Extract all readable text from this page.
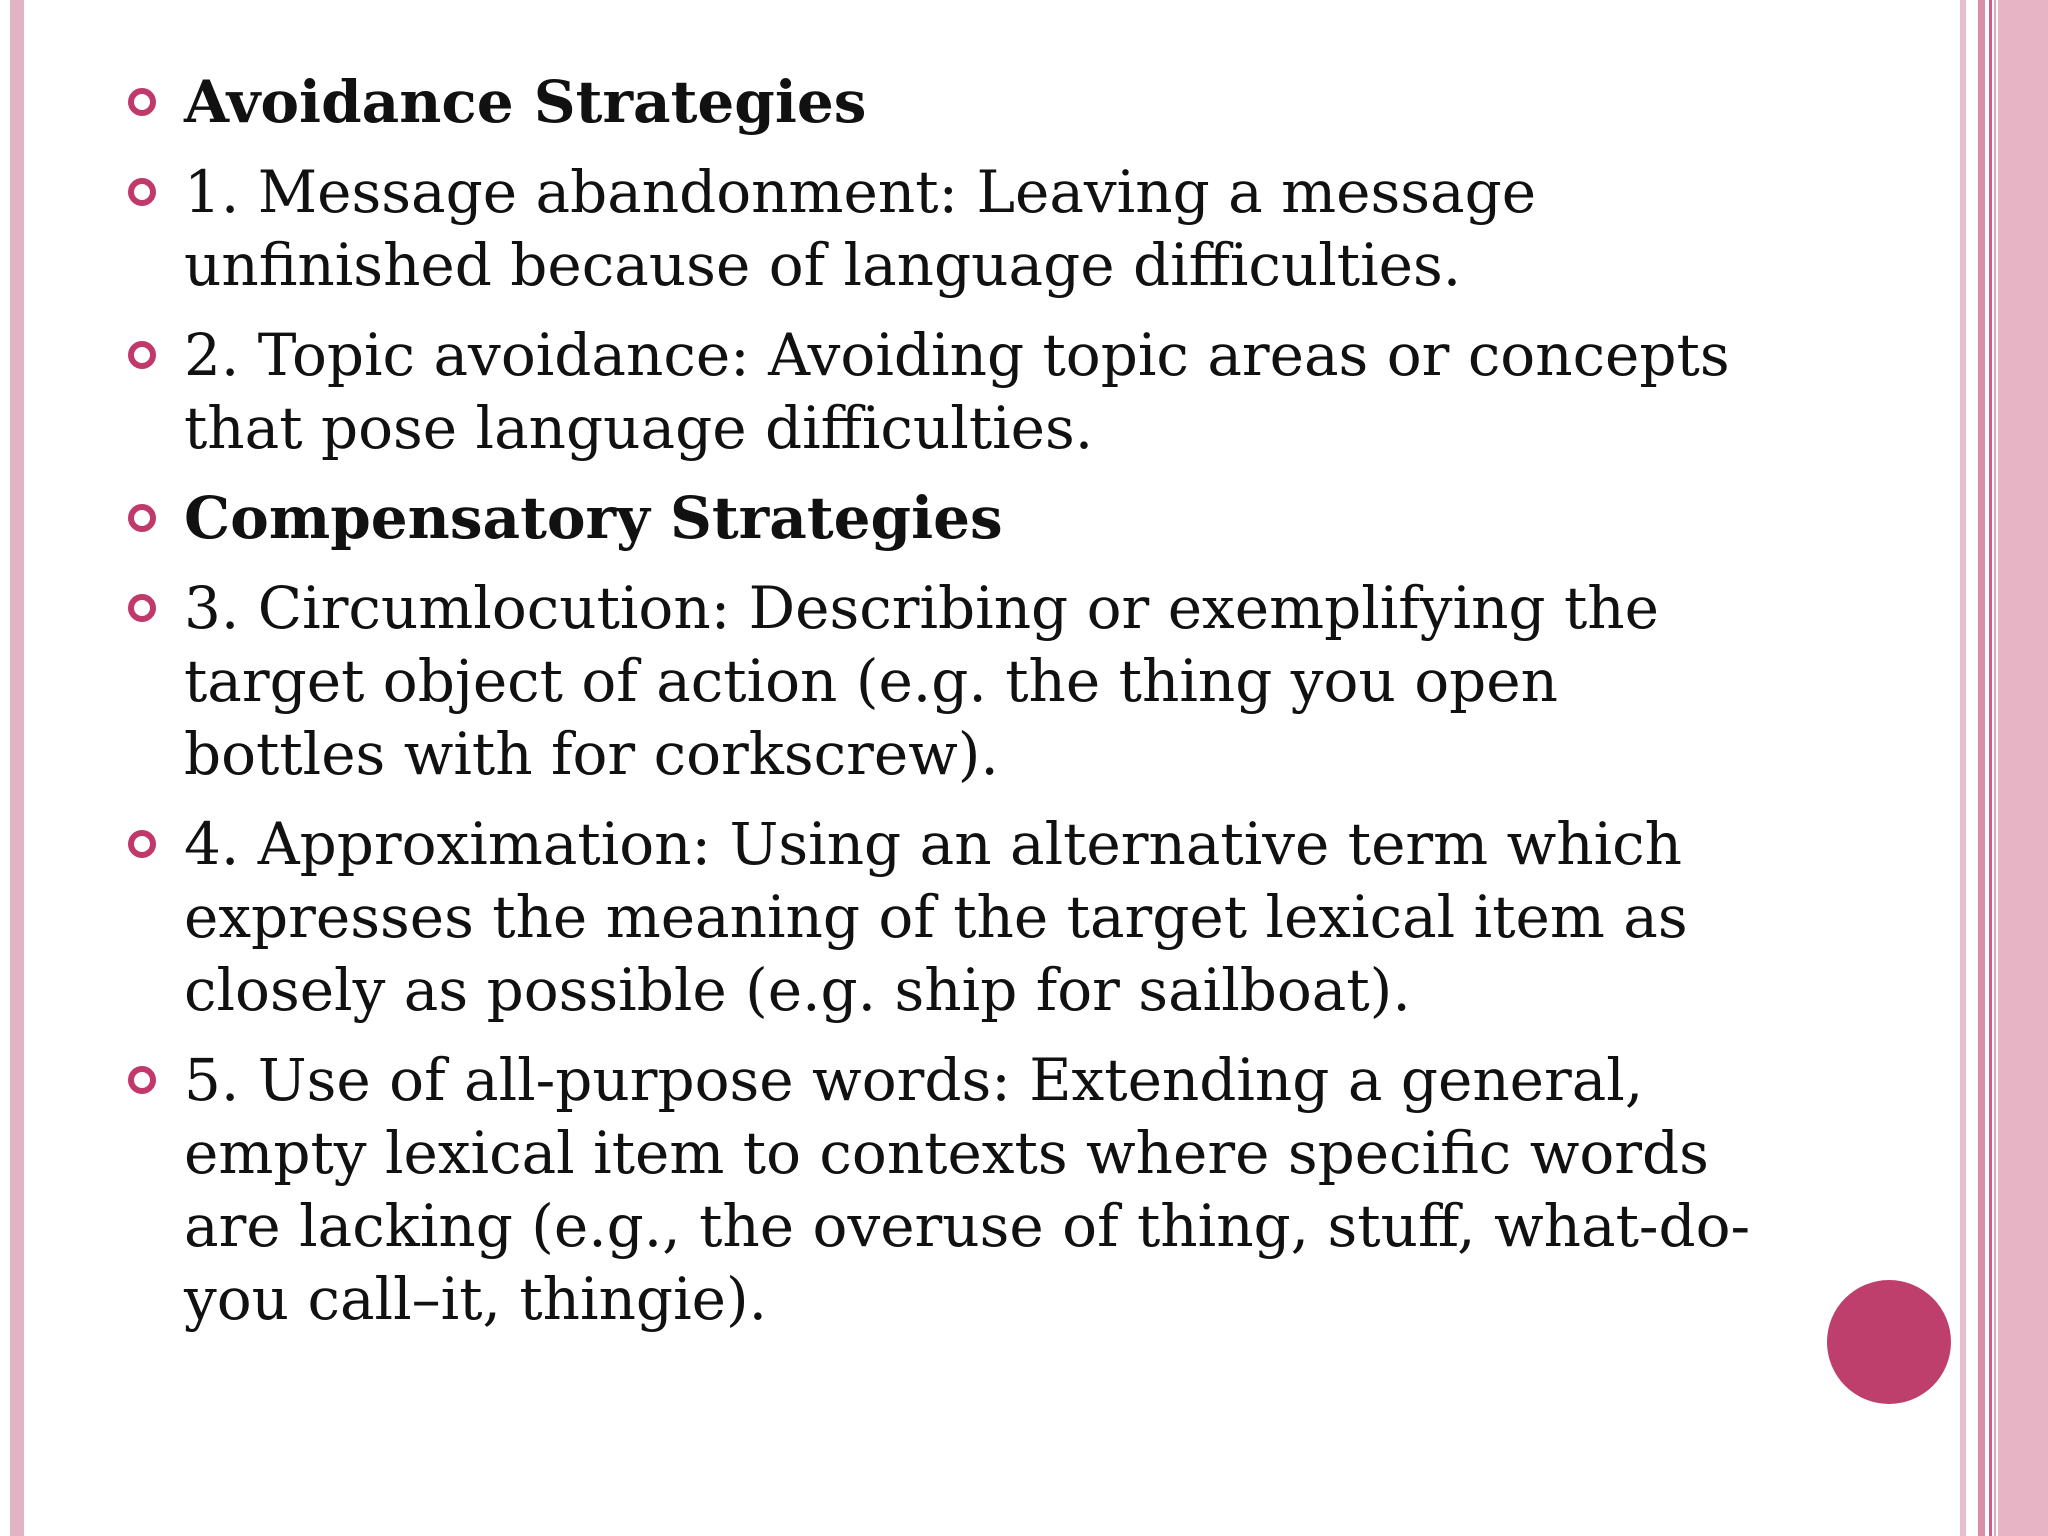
Avoidance Strategies
1. Message abandonment: Leaving a message unfinished because of language difficulties.
2. Topic avoidance: Avoiding topic areas or concepts that pose language difficulties.
Compensatory Strategies
3. Circumlocution: Describing or exemplifying the target object of action (e.g. the thing you open bottles with for corkscrew).
4. Approximation: Using an alternative term which expresses the meaning of the target lexical item as closely as possible (e.g. ship for sailboat).
5. Use of all-purpose words: Extending a general, empty lexical item to contexts where specific words are lacking (e.g., the overuse of thing, stuff, what-do-you call–it, thingie).
